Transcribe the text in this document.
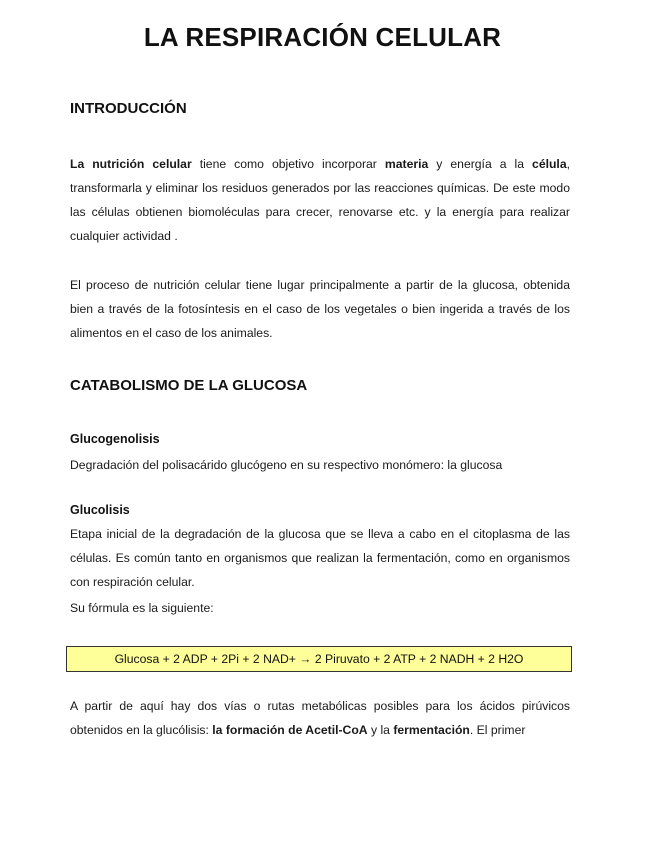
LA RESPIRACIÓN CELULAR
INTRODUCCIÓN
La nutrición celular tiene como objetivo incorporar materia y energía a la célula, transformarla y eliminar los residuos generados por las reacciones químicas. De este modo las células obtienen biomoléculas para crecer, renovarse etc. y la energía para realizar cualquier actividad .
El proceso de nutrición celular tiene lugar principalmente a partir de la glucosa, obtenida bien a través de la fotosíntesis en el caso de los vegetales o bien ingerida a través de los alimentos en el caso de los animales.
CATABOLISMO DE LA GLUCOSA
Glucogenolisis
Degradación del polisacárido glucógeno en su respectivo monómero: la glucosa
Glucolisis
Etapa inicial de la degradación de la glucosa que se lleva a cabo en el citoplasma de las células. Es común tanto en organismos que realizan la fermentación, como en organismos con respiración celular.
Su fórmula es la siguiente:
Glucosa + 2 ADP + 2Pi + 2 NAD+ → 2 Piruvato + 2 ATP + 2 NADH + 2 H2O
A partir de aquí hay dos vías o rutas metabólicas posibles para los ácidos pirúvicos obtenidos en la glucólisis: la formación de Acetil-CoA y la fermentación. El primer
